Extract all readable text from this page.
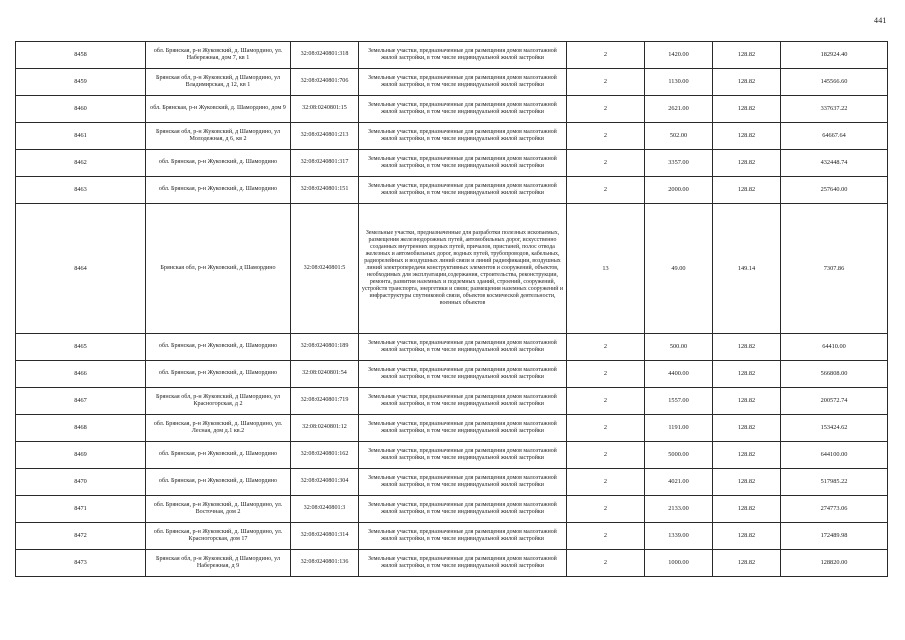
441
8458	обл. Брянская, р-н Жуковский, д. Шамордино, ул. Набережная, дом 7, кв 1	32:08:0240801:318	Земельные участки, предназначенные для размещения домов малоэтажной жилой застройки, в том числе индивидуальной жилой застройки	2	1420.00	128.82	182924.40
8459	Брянская обл, р-н Жуковский, д Шамордино, ул Владимирская, д 12, кв 1	32:08:0240801:706	Земельные участки, предназначенные для размещения домов малоэтажной жилой застройки, в том числе индивидуальной жилой застройки	2	1130.00	128.82	145566.60
8460	обл. Брянская, р-н Жуковский, д. Шамордино, дом 9	32:08:0240801:15	Земельные участки, предназначенные для размещения домов малоэтажной жилой застройки, в том числе индивидуальной жилой застройки	2	2621.00	128.82	337637.22
8461	Брянская обл, р-н Жуковский, д Шамордино, ул Молодежная, д 6, кв 2	32:08:0240801:213	Земельные участки, предназначенные для размещения домов малоэтажной жилой застройки, в том числе индивидуальной жилой застройки	2	502.00	128.82	64667.64
8462	обл. Брянская, р-н Жуковский, д. Шамордино	32:08:0240801:317	Земельные участки, предназначенные для размещения домов малоэтажной жилой застройки, в том числе индивидуальной жилой застройки	2	3357.00	128.82	432448.74
8463	обл. Брянская, р-н Жуковский, д. Шамордино	32:08:0240801:151	Земельные участки, предназначенные для размещения домов малоэтажной жилой застройки, в том числе индивидуальной жилой застройки	2	2000.00	128.82	257640.00
8464	Брянская обл, р-н Жуковский, д Шамордино	32:08:0240801:5	Земельные участки, предназначенные для разработки полезных ископаемых, размещения железнодорожных путей, автомобильных дорог, искусственно созданных внутренних водных путей, причалов, пристаней, полос отвода железных и автомобильных дорог, водных путей, трубопроводов, кабельных, радиорелейных и воздушных линий связи и линий радиофикации, воздушных линий электропередачи конструктивных элементов и сооружений, объектов, необходимых для эксплуатации,содержания, строительства, реконструкции, ремонта, развития наземных и подземных зданий, строений, сооружений, устройств транспорта, энергетики и связи; размещения наземных сооружений и инфраструктуры спутниковой связи, объектов космической деятельности, военных объектов	13	49.00	149.14	7307.86
8465	обл. Брянская, р-н Жуковский, д. Шамордино	32:08:0240801:189	Земельные участки, предназначенные для размещения домов малоэтажной жилой застройки, в том числе индивидуальной жилой застройки	2	500.00	128.82	64410.00
8466	обл. Брянская, р-н Жуковский, д. Шамордино	32:08:0240801:54	Земельные участки, предназначенные для размещения домов малоэтажной жилой застройки, в том числе индивидуальной жилой застройки	2	4400.00	128.82	566808.00
8467	Брянская обл, р-н Жуковский, д Шамордино, ул Красногорская, д 2	32:08:0240801:719	Земельные участки, предназначенные для размещения домов малоэтажной жилой застройки, в том числе индивидуальной жилой застройки	2	1557.00	128.82	200572.74
8468	обл. Брянская, р-н Жуковский, д. Шамордино, ул. Лесная, дом д.1 кв.2	32:08:0240801:12	Земельные участки, предназначенные для размещения домов малоэтажной жилой застройки, в том числе индивидуальной жилой застройки	2	1191.00	128.82	153424.62
8469	обл. Брянская, р-н Жуковский, д. Шамордино	32:08:0240801:162	Земельные участки, предназначенные для размещения домов малоэтажной жилой застройки, в том числе индивидуальной жилой застройки	2	5000.00	128.82	644100.00
8470	обл. Брянская, р-н Жуковский, д. Шамордино	32:08:0240801:304	Земельные участки, предназначенные для размещения домов малоэтажной жилой застройки, в том числе индивидуальной жилой застройки	2	4021.00	128.82	517985.22
8471	обл. Брянская, р-н Жуковский, д. Шамордино, ул. Восточная, дом 2	32:08:0240801:3	Земельные участки, предназначенные для размещения домов малоэтажной жилой застройки, в том числе индивидуальной жилой застройки	2	2133.00	128.82	274773.06
8472	обл. Брянская, р-н Жуковский, д. Шамордино, ул. Красногорская, дом 17	32:08:0240801:314	Земельные участки, предназначенные для размещения домов малоэтажной жилой застройки, в том числе индивидуальной жилой застройки	2	1339.00	128.82	172489.98
8473	Брянская обл, р-н Жуковский, д Шамордино, ул Набережная, д 9	32:08:0240801:136	Земельные участки, предназначенные для размещения домов малоэтажной жилой застройки, в том числе индивидуальной жилой застройки	2	1000.00	128.82	128820.00
